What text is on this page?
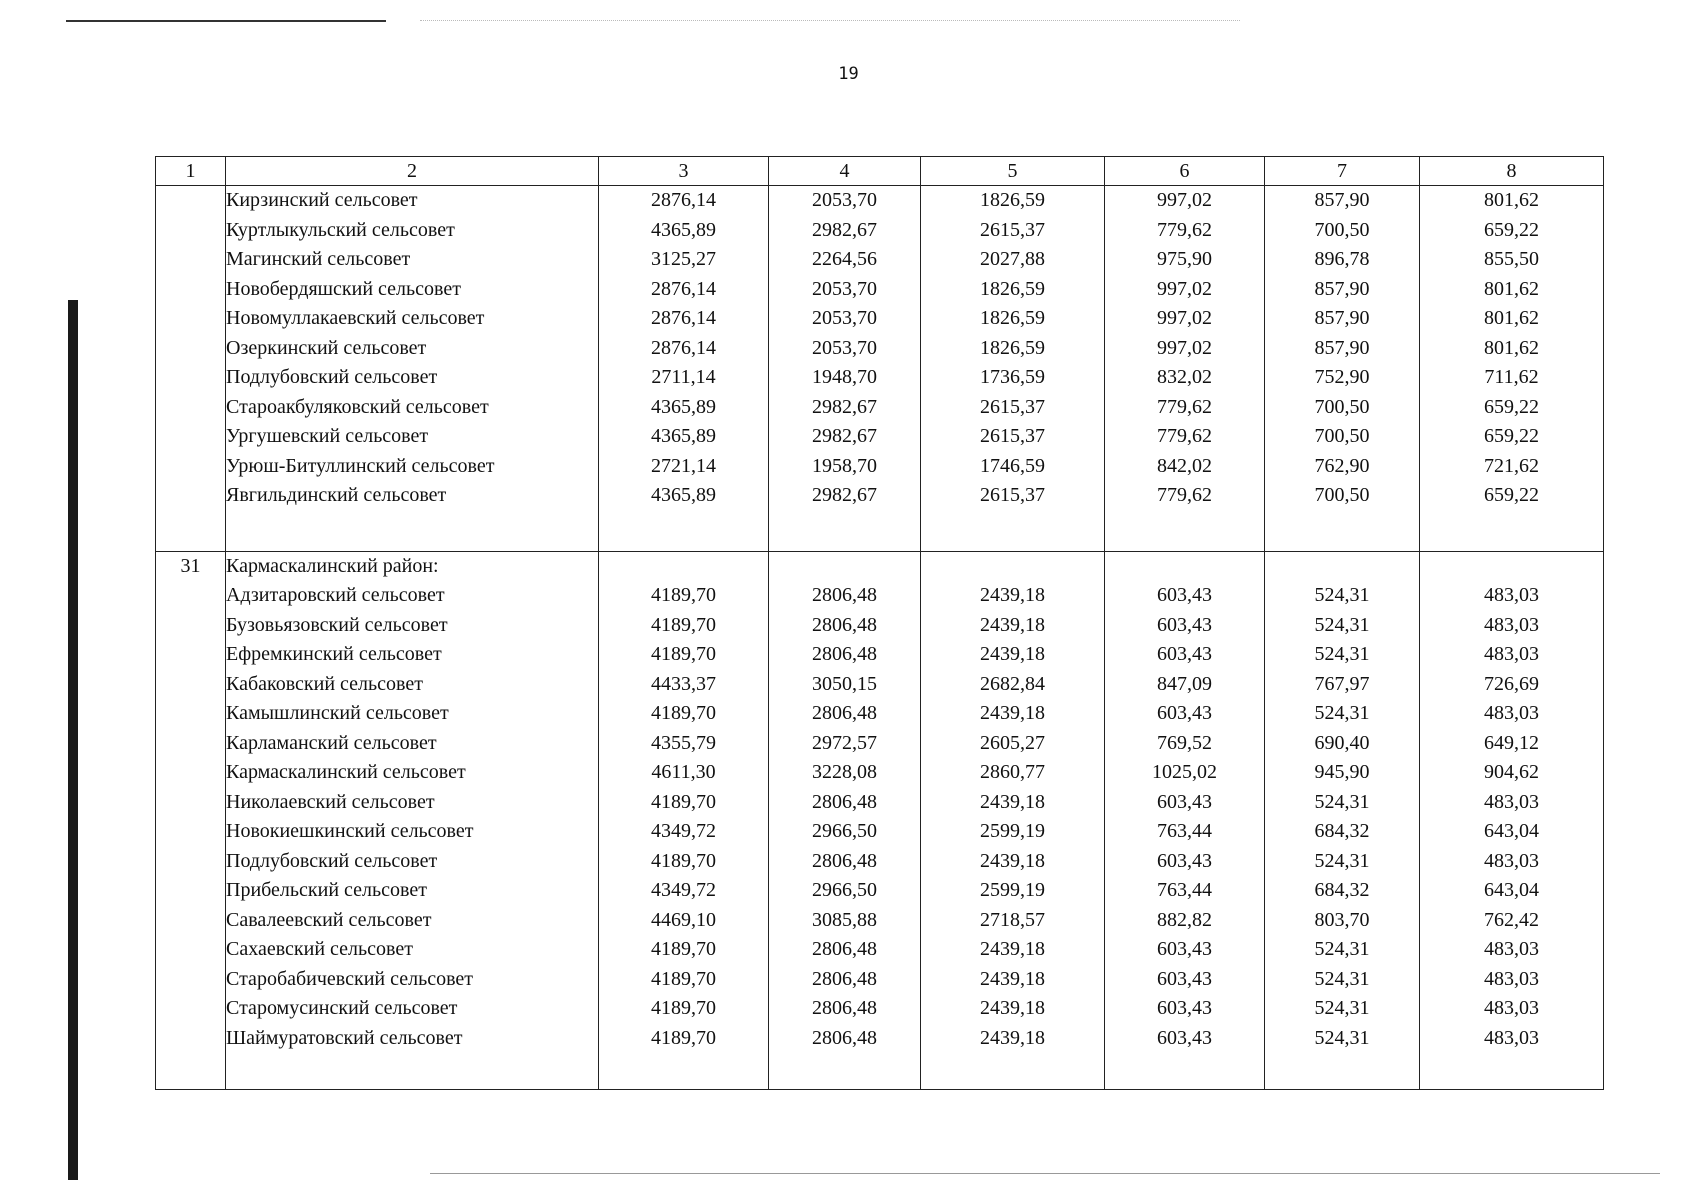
19
1	2	3	4	5	6	7	8
	Кирзинский сельсовет	2876,14	2053,70	1826,59	997,02	857,90	801,62
	Куртлыкульский сельсовет	4365,89	2982,67	2615,37	779,62	700,50	659,22
	Магинский сельсовет	3125,27	2264,56	2027,88	975,90	896,78	855,50
	Новобердяшский сельсовет	2876,14	2053,70	1826,59	997,02	857,90	801,62
	Новомуллакаевский сельсовет	2876,14	2053,70	1826,59	997,02	857,90	801,62
	Озеркинский сельсовет	2876,14	2053,70	1826,59	997,02	857,90	801,62
	Подлубовский сельсовет	2711,14	1948,70	1736,59	832,02	752,90	711,62
	Староакбуляковский сельсовет	4365,89	2982,67	2615,37	779,62	700,50	659,22
	Ургушевский сельсовет	4365,89	2982,67	2615,37	779,62	700,50	659,22
	Урюш-Битуллинский сельсовет	2721,14	1958,70	1746,59	842,02	762,90	721,62
	Явгильдинский сельсовет	4365,89	2982,67	2615,37	779,62	700,50	659,22

31	Кармаскалинский район:						
	Адзитаровский сельсовет	4189,70	2806,48	2439,18	603,43	524,31	483,03
	Бузовьязовский сельсовет	4189,70	2806,48	2439,18	603,43	524,31	483,03
	Ефремкинский сельсовет	4189,70	2806,48	2439,18	603,43	524,31	483,03
	Кабаковский сельсовет	4433,37	3050,15	2682,84	847,09	767,97	726,69
	Камышлинский сельсовет	4189,70	2806,48	2439,18	603,43	524,31	483,03
	Карламанский сельсовет	4355,79	2972,57	2605,27	769,52	690,40	649,12
	Кармаскалинский сельсовет	4611,30	3228,08	2860,77	1025,02	945,90	904,62
	Николаевский сельсовет	4189,70	2806,48	2439,18	603,43	524,31	483,03
	Новокиешкинский сельсовет	4349,72	2966,50	2599,19	763,44	684,32	643,04
	Подлубовский сельсовет	4189,70	2806,48	2439,18	603,43	524,31	483,03
	Прибельский сельсовет	4349,72	2966,50	2599,19	763,44	684,32	643,04
	Савалеевский сельсовет	4469,10	3085,88	2718,57	882,82	803,70	762,42
	Сахаевский сельсовет	4189,70	2806,48	2439,18	603,43	524,31	483,03
	Старобабичевский сельсовет	4189,70	2806,48	2439,18	603,43	524,31	483,03
	Старомусинский сельсовет	4189,70	2806,48	2439,18	603,43	524,31	483,03
	Шаймуратовский сельсовет	4189,70	2806,48	2439,18	603,43	524,31	483,03
